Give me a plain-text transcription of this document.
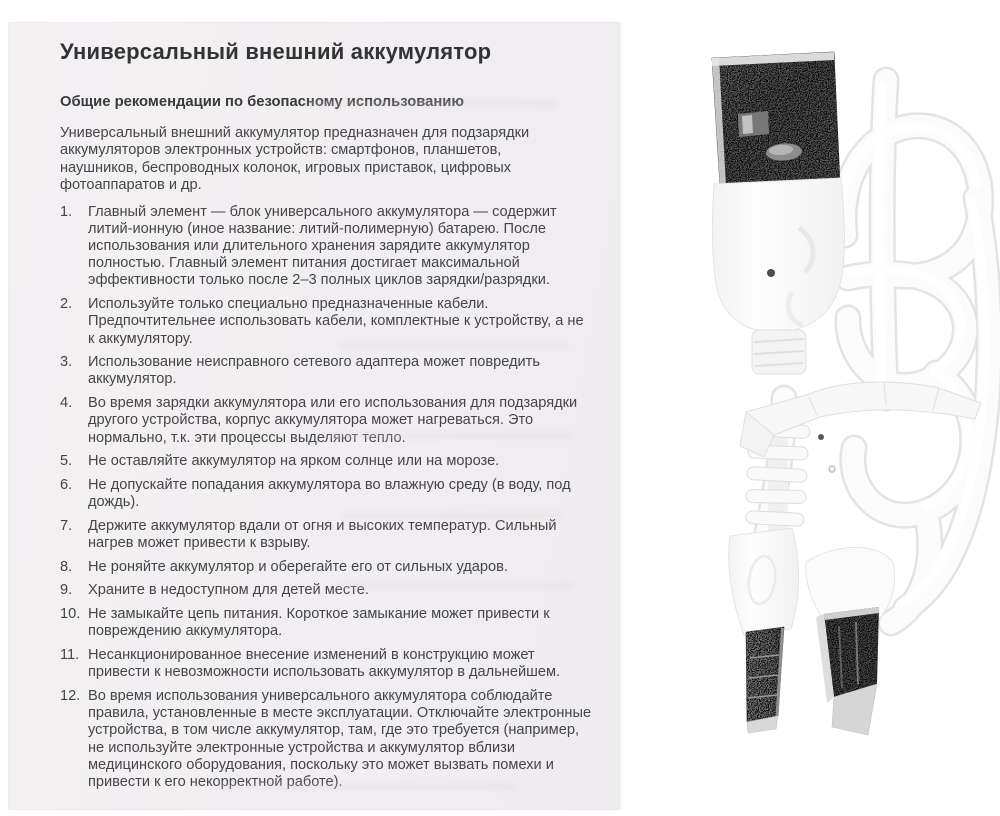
Универсальный внешний аккумулятор
Общие рекомендации по безопасному использованию

Универсальный внешний аккумулятор предназначен для подзарядки аккумуляторов электронных устройств: смартфонов, планшетов, наушников, беспроводных колонок, игровых приставок, цифровых фотоаппаратов и др.

1.	Главный элемент — блок универсального аккумулятора — содержит литий-ионную (иное название: литий-полимерную) батарею. После использования или длительного хранения зарядите аккумулятор полностью. Главный элемент питания достигает максимальной эффективности только после 2–3 полных циклов зарядки/разрядки.
2.	Используйте только специально предназначенные кабели. Предпочтительнее использовать кабели, комплектные к устройству, а не к аккумулятору.
3.	Использование неисправного сетевого адаптера может повредить аккумулятор.
4.	Во время зарядки аккумулятора или его использования для подзарядки другого устройства, корпус аккумулятора может нагреваться. Это нормально, т.к. эти процессы выделяют тепло.
5.	Не оставляйте аккумулятор на ярком солнце или на морозе.
6.	Не допускайте попадания аккумулятора во влажную среду (в воду, под дождь).
7.	Держите аккумулятор вдали от огня и высоких температур. Сильный нагрев может привести к взрыву.
8.	Не роняйте аккумулятор и оберегайте его от сильных ударов.
9.	Храните в недоступном для детей месте.
10. Не замыкайте цепь питания. Короткое замыкание может привести к повреждению аккумулятора.
11. Несанкционированное внесение изменений в конструкцию может привести к невозможности использовать аккумулятор в дальнейшем.
12. Во время использования универсального аккумулятора соблюдайте правила, установленные в месте эксплуатации. Отключайте электронные устройства, в том числе аккумулятор, там, где это требуется (например, не используйте электронные устройства и аккумулятор вблизи медицинского оборудования, поскольку это может вызвать помехи и привести к его некорректной работе).
